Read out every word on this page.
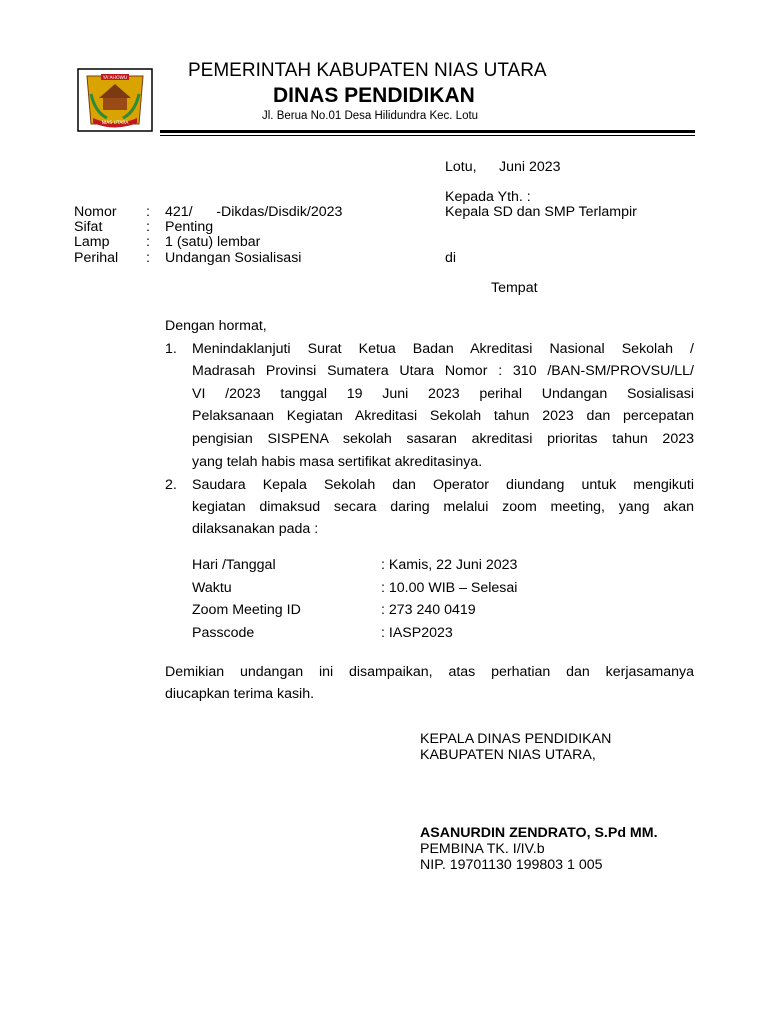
YA'AHOWU
NIAS UTARA
PEMERINTAH KABUPATEN NIAS UTARA
DINAS PENDIDIKAN
Jl. Berua No.01 Desa Hilidundra Kec. Lotu
Lotu, Juni 2023
Kepada Yth. :
Kepala SD dan SMP Terlampir
di
Tempat
Nomor : 421/      -Dikdas/Disdik/2023
Sifat	: Penting
Lamp	: 1 (satu) lembar
Perihal : Undangan Sosialisasi
Dengan hormat,
1. Menindaklanjuti Surat Ketua Badan Akreditasi Nasional Sekolah /
Madrasah Provinsi Sumatera Utara Nomor : 310 /BAN-SM/PROVSU/LL/
VI /2023 tanggal 19 Juni 2023 perihal Undangan Sosialisasi
Pelaksanaan Kegiatan Akreditasi Sekolah tahun 2023 dan percepatan
pengisian SISPENA sekolah sasaran akreditasi prioritas tahun 2023
yang telah habis masa sertifikat akreditasinya.
2. Saudara Kepala Sekolah dan Operator diundang untuk mengikuti
kegiatan dimaksud secara daring melalui zoom meeting, yang akan
dilaksanakan pada :
Hari /Tanggal	: Kamis, 22 Juni 2023
Waktu	: 10.00 WIB – Selesai
Zoom Meeting ID	: 273 240 0419
Passcode	: IASP2023
Demikian undangan ini disampaikan, atas perhatian dan kerjasamanya
diucapkan terima kasih.
KEPALA DINAS PENDIDIKAN
KABUPATEN NIAS UTARA,
ASANURDIN ZENDRATO, S.Pd MM.
PEMBINA TK. I/IV.b
NIP. 19701130 199803 1 005
